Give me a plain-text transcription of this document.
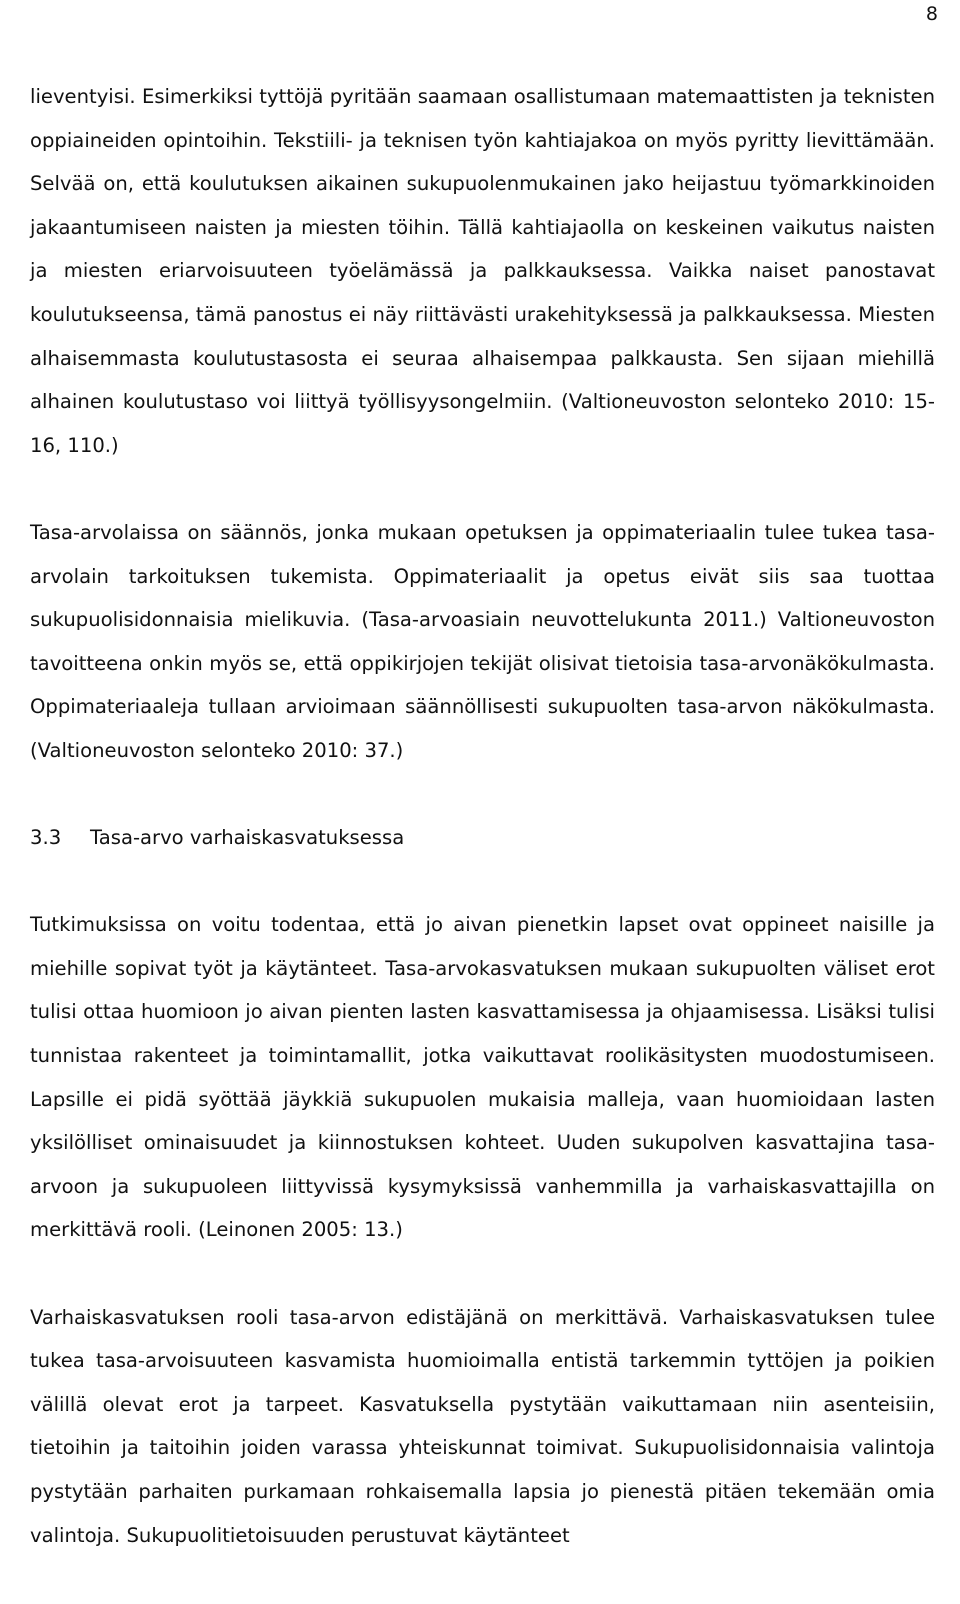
8

lieventyisi. Esimerkiksi tyttöjä pyritään saamaan osallistumaan matemaattisten ja teknisten oppiaineiden opintoihin. Tekstiili- ja teknisen työn kahtiajakoa on myös pyritty lievittämään. Selvää on, että koulutuksen aikainen sukupuolenmukainen jako heijastuu työmarkkinoiden jakaantumiseen naisten ja miesten töihin. Tällä kahtiajaolla on keskeinen vaikutus naisten ja miesten eriarvoisuuteen työelämässä ja palkkauksessa. Vaikka naiset panostavat koulutukseensa, tämä panostus ei näy riittävästi urakehityksessä ja palkkauksessa. Miesten alhaisemmasta koulutustasosta ei seuraa alhaisempaa palkkausta. Sen sijaan miehillä alhainen koulutustaso voi liittyä työllisyysongelmiin. (Valtioneuvoston selonteko 2010: 15-16, 110.)

Tasa-arvolaissa on säännös, jonka mukaan opetuksen ja oppimateriaalin tulee tukea tasa-arvolain tarkoituksen tukemista. Oppimateriaalit ja opetus eivät siis saa tuottaa sukupuolisidonnaisia mielikuvia. (Tasa-arvoasiain neuvottelukunta 2011.) Valtioneuvoston tavoitteena onkin myös se, että oppikirjojen tekijät olisivat tietoisia tasa-arvonäkökulmasta. Oppimateriaaleja tullaan arvioimaan säännöllisesti sukupuolten tasa-arvon näkökulmasta. (Valtioneuvoston selonteko 2010: 37.)

3.3 Tasa-arvo varhaiskasvatuksessa

Tutkimuksissa on voitu todentaa, että jo aivan pienetkin lapset ovat oppineet naisille ja miehille sopivat työt ja käytänteet. Tasa-arvokasvatuksen mukaan sukupuolten väliset erot tulisi ottaa huomioon jo aivan pienten lasten kasvattamisessa ja ohjaamisessa. Lisäksi tulisi tunnistaa rakenteet ja toimintamallit, jotka vaikuttavat roolikäsitysten muodostumiseen. Lapsille ei pidä syöttää jäykkiä sukupuolen mukaisia malleja, vaan huomioidaan lasten yksilölliset ominaisuudet ja kiinnostuksen kohteet. Uuden sukupolven kasvattajina tasa-arvoon ja sukupuoleen liittyvissä kysymyksissä vanhemmilla ja varhaiskasvattajilla on merkittävä rooli. (Leinonen 2005: 13.)

Varhaiskasvatuksen rooli tasa-arvon edistäjänä on merkittävä. Varhaiskasvatuksen tulee tukea tasa-arvoisuuteen kasvamista huomioimalla entistä tarkemmin tyttöjen ja poikien välillä olevat erot ja tarpeet. Kasvatuksella pystytään vaikuttamaan niin asenteisiin, tietoihin ja taitoihin joiden varassa yhteiskunnat toimivat. Sukupuolisidonnaisia valintoja pystytään parhaiten purkamaan rohkaisemalla lapsia jo pienestä pitäen tekemään omia valintoja. Sukupuolitietoisuuden perustuvat käytänteet
